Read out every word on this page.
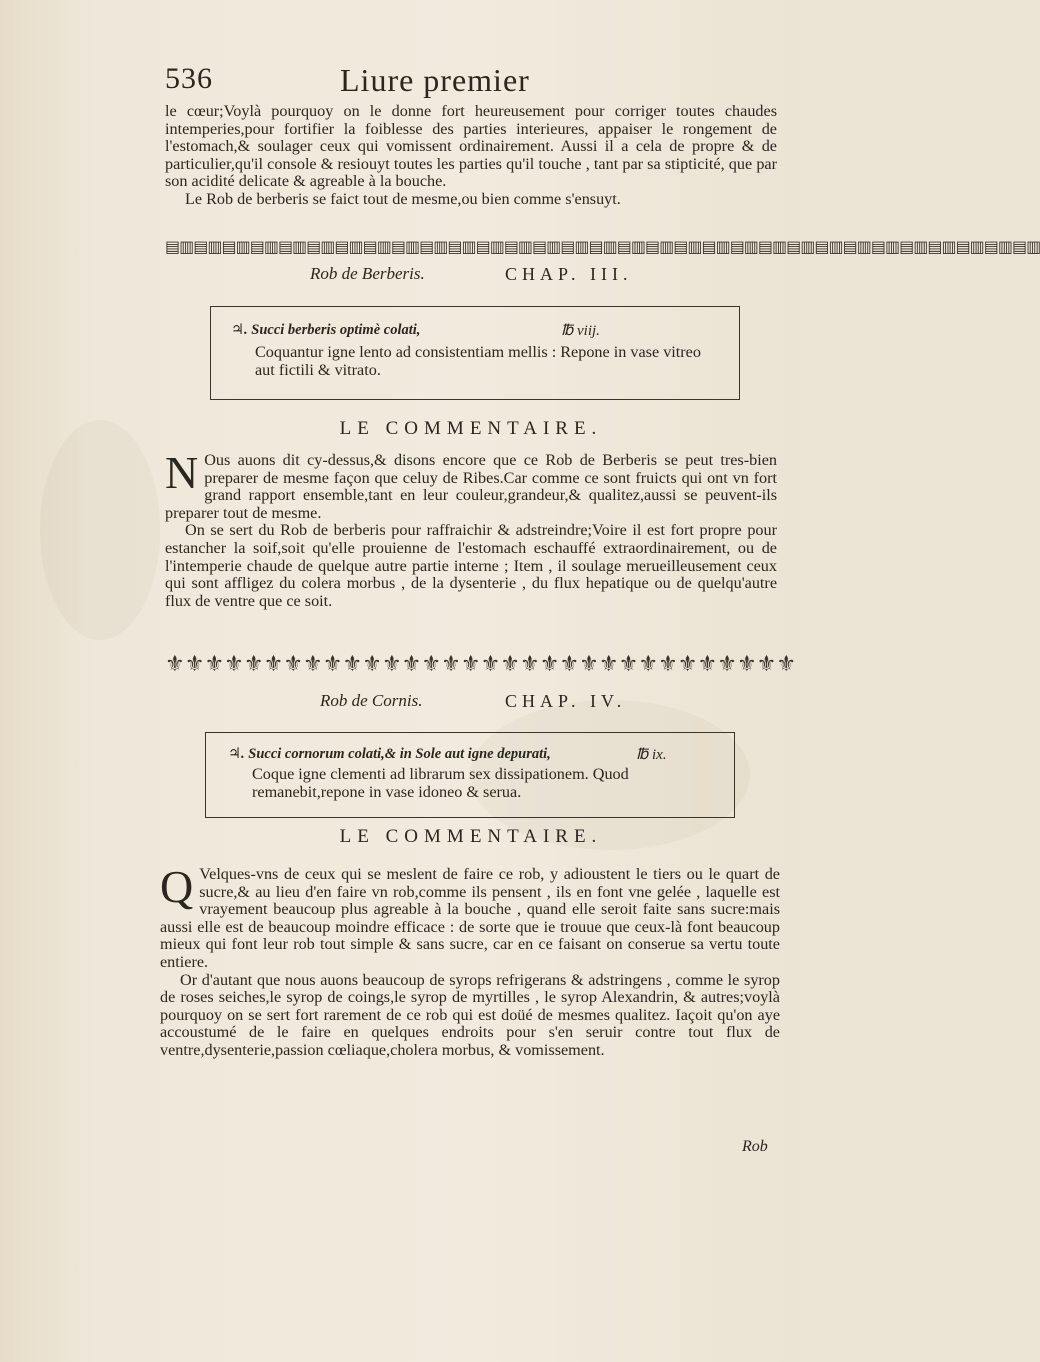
536	Liure premier

le cœur;Voylà pourquoy on le donne fort heureusement pour corriger toutes chaudes intemperies,pour fortifier la foiblesse des parties interieures, appaiser le rongement de l'estomach,& soulager ceux qui vomissent ordinairement. Aussi il a cela de propre & de particulier,qu'il console & resiouyt toutes les parties qu'il touche , tant par sa stipticité, que par son acidité delicate & agreable à la bouche.

Le Rob de berberis se faict tout de mesme,ou bien comme s'ensuyt.

▤▥▤▥▤▥▤▥▤▥▤▥▤▥▤▥▤▥▤▥▤▥▤▥▤▥▤▥▤▥▤▥▤▥▤▥▤▥▤▥▤▥▤▥▤▥▤▥▤▥▤▥▤▥▤▥▤▥▤▥▤▥
Rob de Berberis.	CHAP. III.
♃. Succi berberis optimè colati,	℔ viij.
Coquantur igne lento ad consistentiam mellis : Repone in vase vitreo aut fictili & vitrato.
LE COMMENTAIRE.

N Ous auons dit cy-dessus,& disons encore que ce Rob de Berberis se peut tres-bien preparer de mesme façon que celuy de Ribes.Car comme ce sont fruicts qui ont vn fort grand rapport ensemble,tant en leur couleur,grandeur,& qualitez,aussi se peuvent-ils preparer tout de mesme.

On se sert du Rob de berberis pour raffraichir & adstreindre;Voire il est fort propre pour estancher la soif,soit qu'elle prouienne de l'estomach eschauffé extraordinairement, ou de l'intemperie chaude de quelque autre partie interne ; Item , il soulage merueilleusement ceux qui sont affligez du colera morbus , de la dysenterie , du flux hepatique ou de quelqu'autre flux de ventre que ce soit.

⚜⚜⚜⚜⚜⚜⚜⚜⚜⚜⚜⚜⚜⚜⚜⚜⚜⚜⚜⚜⚜⚜⚜⚜⚜⚜⚜⚜⚜⚜⚜⚜
Rob de Cornis.	CHAP. IV.
♃. Succi cornorum colati,& in Sole aut igne depurati,	℔ ix.
Coque igne clementi ad librarum sex dissipationem. Quod remanebit,repone in vase idoneo & serua.
LE COMMENTAIRE.

Q Velques-vns de ceux qui se meslent de faire ce rob, y adioustent le tiers ou le quart de sucre,& au lieu d'en faire vn rob,comme ils pensent , ils en font vne gelée , laquelle est vrayement beaucoup plus agreable à la bouche , quand elle seroit faite sans sucre:mais aussi elle est de beaucoup moindre efficace : de sorte que ie trouue que ceux-là font beaucoup mieux qui font leur rob tout simple & sans sucre, car en ce faisant on conserue sa vertu toute entiere.

Or d'autant que nous auons beaucoup de syrops refrigerans & adstringens , comme le syrop de roses seiches,le syrop de coings,le syrop de myrtilles , le syrop Alexandrin, & autres;voylà pourquoy on se sert fort rarement de ce rob qui est doüé de mesmes qualitez. Iaçoit qu'on aye accoustumé de le faire en quelques endroits pour s'en seruir contre tout flux de ventre,dysenterie,passion cœliaque,cholera morbus, & vomissement.

Rob
